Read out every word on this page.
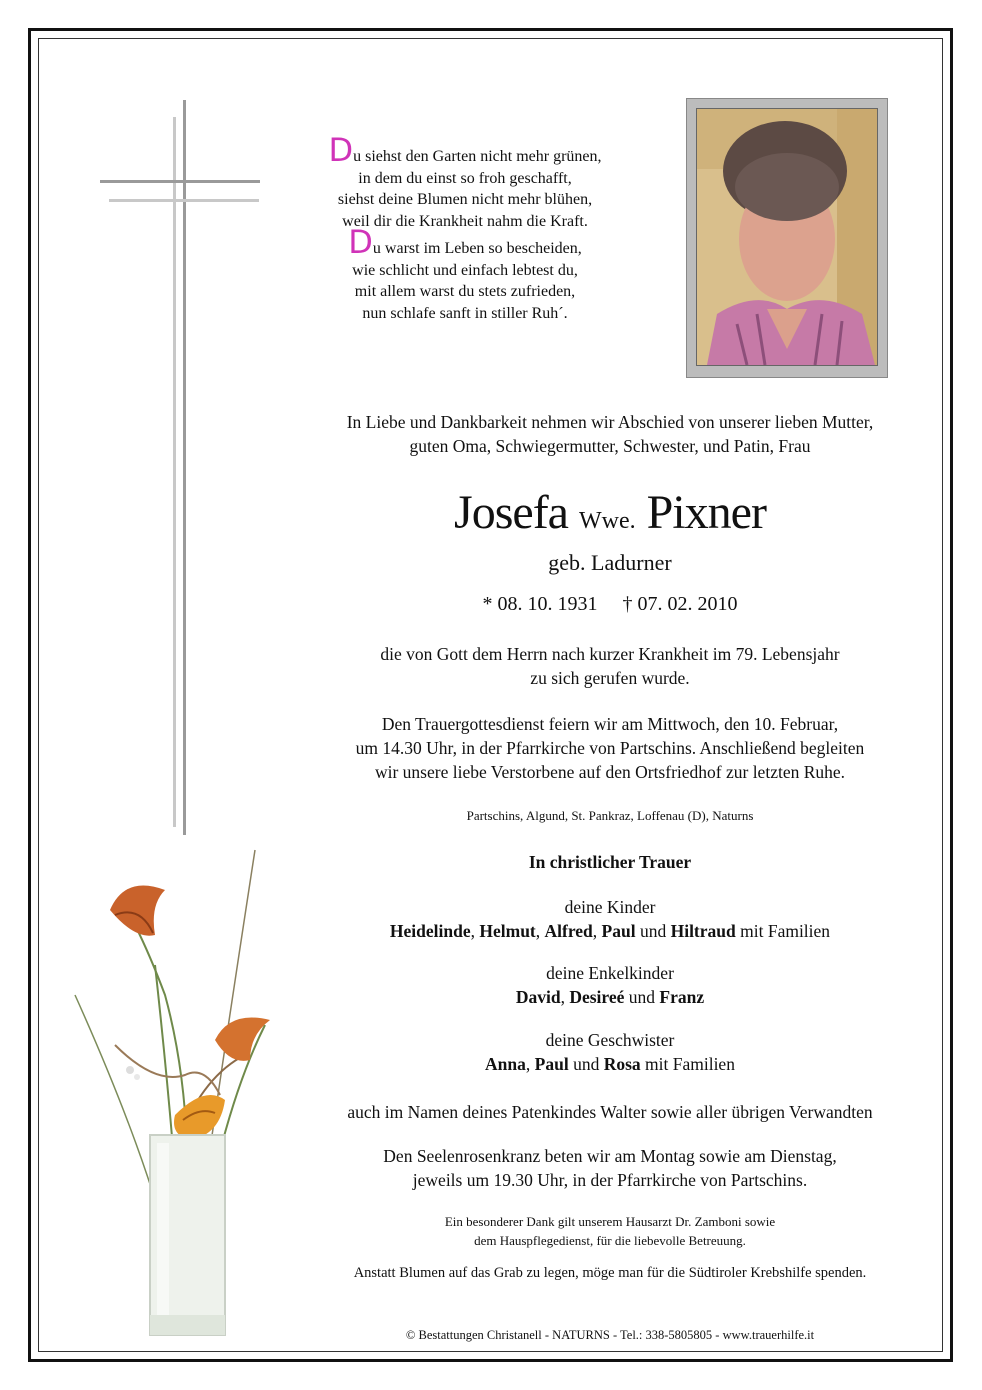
Du siehst den Garten nicht mehr grünen,
in dem du einst so froh geschafft,
siehst deine Blumen nicht mehr blühen,
weil dir die Krankheit nahm die Kraft.
Du warst im Leben so bescheiden,
wie schlicht und einfach lebtest du,
mit allem warst du stets zufrieden,
nun schlafe sanft in stiller Ruh´.
In Liebe und Dankbarkeit nehmen wir Abschied von unserer lieben Mutter,
guten Oma, Schwiegermutter, Schwester, und Patin, Frau
Josefa Wwe. Pixner
geb. Ladurner
* 08. 10. 1931 † 07. 02. 2010
die von Gott dem Herrn nach kurzer Krankheit im 79. Lebensjahr
zu sich gerufen wurde.
Den Trauergottesdienst feiern wir am Mittwoch, den 10. Februar,
um 14.30 Uhr, in der Pfarrkirche von Partschins. Anschließend begleiten
wir unsere liebe Verstorbene auf den Ortsfriedhof zur letzten Ruhe.
Partschins, Algund, St. Pankraz, Loffenau (D), Naturns
In christlicher Trauer
deine Kinder
Heidelinde, Helmut, Alfred, Paul und Hiltraud mit Familien
deine Enkelkinder
David, Desireé und Franz
deine Geschwister
Anna, Paul und Rosa mit Familien
auch im Namen deines Patenkindes Walter sowie aller übrigen Verwandten
Den Seelenrosenkranz beten wir am Montag sowie am Dienstag,
jeweils um 19.30 Uhr, in der Pfarrkirche von Partschins.
Ein besonderer Dank gilt unserem Hausarzt Dr. Zamboni sowie
dem Hauspflegedienst, für die liebevolle Betreuung.
Anstatt Blumen auf das Grab zu legen, möge man für die Südtiroler Krebshilfe spenden.
© Bestattungen Christanell - NATURNS - Tel.: 338-5805805 - www.trauerhilfe.it
